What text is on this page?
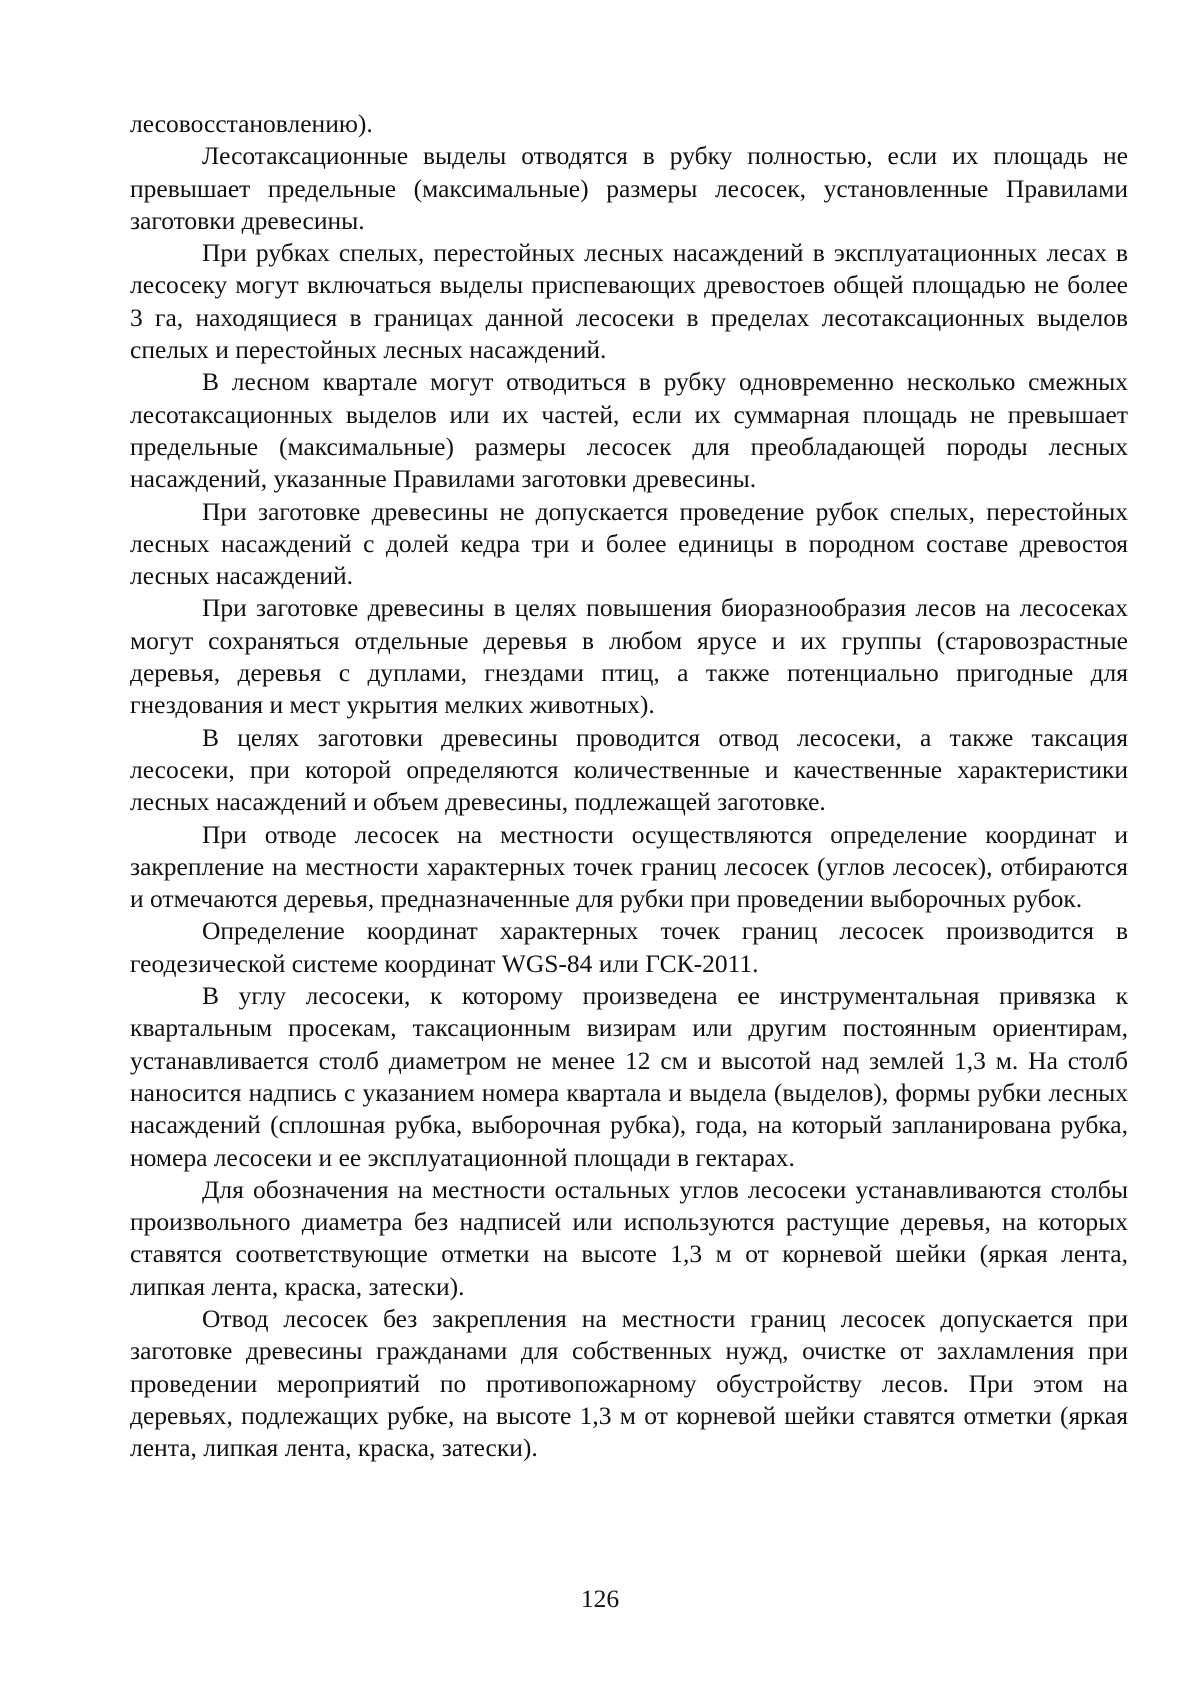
лесовосстановлению).

Лесотаксационные выделы отводятся в рубку полностью, если их площадь не превышает предельные (максимальные) размеры лесосек, установленные Правилами заготовки древесины.

При рубках спелых, перестойных лесных насаждений в эксплуатационных лесах в лесосеку могут включаться выделы приспевающих древостоев общей площадью не более 3 га, находящиеся в границах данной лесосеки в пределах лесотаксационных выделов спелых и перестойных лесных насаждений.

В лесном квартале могут отводиться в рубку одновременно несколько смежных лесотаксационных выделов или их частей, если их суммарная площадь не превышает предельные (максимальные) размеры лесосек для преобладающей породы лесных насаждений, указанные Правилами заготовки древесины.

При заготовке древесины не допускается проведение рубок спелых, перестойных лесных насаждений с долей кедра три и более единицы в породном составе древостоя лесных насаждений.

При заготовке древесины в целях повышения биоразнообразия лесов на лесосеках могут сохраняться отдельные деревья в любом ярусе и их группы (старовозрастные деревья, деревья с дуплами, гнездами птиц, а также потенциально пригодные для гнездования и мест укрытия мелких животных).

В целях заготовки древесины проводится отвод лесосеки, а также таксация лесосеки, при которой определяются количественные и качественные характеристики лесных насаждений и объем древесины, подлежащей заготовке.

При отводе лесосек на местности осуществляются определение координат и закрепление на местности характерных точек границ лесосек (углов лесосек), отбираются и отмечаются деревья, предназначенные для рубки при проведении выборочных рубок.

Определение координат характерных точек границ лесосек производится в геодезической системе координат WGS-84 или ГСК-2011.

В углу лесосеки, к которому произведена ее инструментальная привязка к квартальным просекам, таксационным визирам или другим постоянным ориентирам, устанавливается столб диаметром не менее 12 см и высотой над землей 1,3 м. На столб наносится надпись с указанием номера квартала и выдела (выделов), формы рубки лесных насаждений (сплошная рубка, выборочная рубка), года, на который запланирована рубка, номера лесосеки и ее эксплуатационной площади в гектарах.

Для обозначения на местности остальных углов лесосеки устанавливаются столбы произвольного диаметра без надписей или используются растущие деревья, на которых ставятся соответствующие отметки на высоте 1,3 м от корневой шейки (яркая лента, липкая лента, краска, затески).

Отвод лесосек без закрепления на местности границ лесосек допускается при заготовке древесины гражданами для собственных нужд, очистке от захламления при проведении мероприятий по противопожарному обустройству лесов. При этом на деревьях, подлежащих рубке, на высоте 1,3 м от корневой шейки ставятся отметки (яркая лента, липкая лента, краска, затески).

126
